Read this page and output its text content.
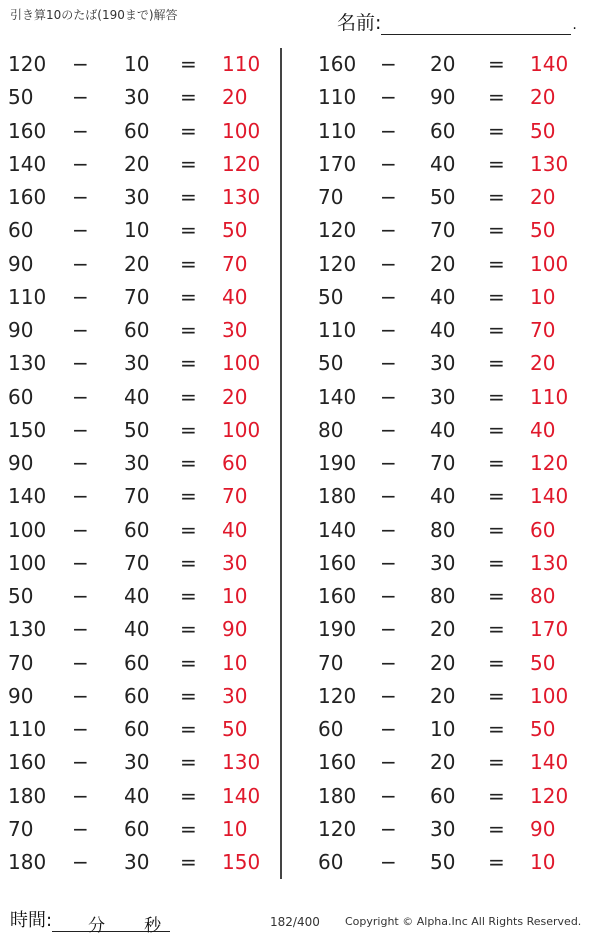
引き算10のたば(190まで)解答	名前:	.
120 − 10 = 110
50 − 30 = 20
160 − 60 = 100
140 − 20 = 120
160 − 30 = 130
60 − 10 = 50
90 − 20 = 70
110 − 70 = 40
90 − 60 = 30
130 − 30 = 100
60 − 40 = 20
150 − 50 = 100
90 − 30 = 60
140 − 70 = 70
100 − 60 = 40
100 − 70 = 30
50 − 40 = 10
130 − 40 = 90
70 − 60 = 10
90 − 60 = 30
110 − 60 = 50
160 − 30 = 130
180 − 40 = 140
70 − 60 = 10
180 − 30 = 150
160 − 20 = 140
110 − 90 = 20
110 − 60 = 50
170 − 40 = 130
70 − 50 = 20
120 − 70 = 50
120 − 20 = 100
50 − 40 = 10
110 − 40 = 70
50 − 30 = 20
140 − 30 = 110
80 − 40 = 40
190 − 70 = 120
180 − 40 = 140
140 − 80 = 60
160 − 30 = 130
160 − 80 = 80
190 − 20 = 170
70 − 20 = 50
120 − 20 = 100
60 − 10 = 50
160 − 20 = 140
180 − 60 = 120
120 − 30 = 90
60 − 50 = 10
時間: 分 秒	182/400 Copyright © Alpha.Inc All Rights Reserved.
